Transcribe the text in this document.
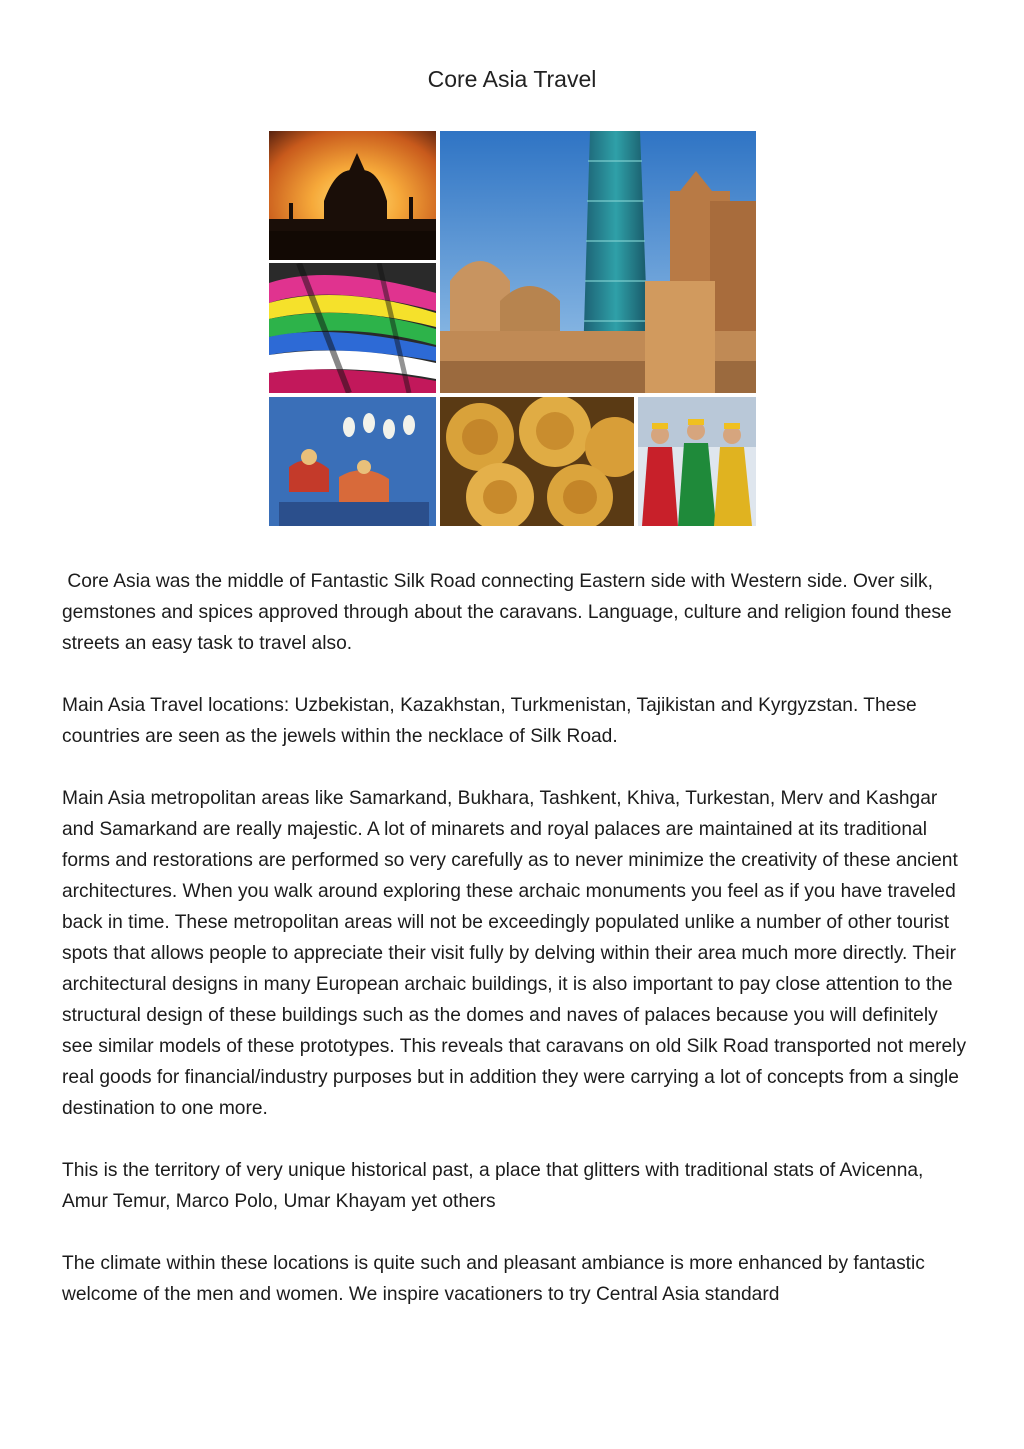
Core Asia Travel

Core Asia was the middle of Fantastic Silk Road connecting Eastern side with Western side. Over silk, gemstones and spices approved through about the caravans. Language, culture and religion found these streets an easy task to travel also.

Main Asia Travel locations: Uzbekistan, Kazakhstan, Turkmenistan, Tajikistan and Kyrgyzstan. These countries are seen as the jewels within the necklace of Silk Road.

Main Asia metropolitan areas like Samarkand, Bukhara, Tashkent, Khiva, Turkestan, Merv and Kashgar and Samarkand are really majestic. A lot of minarets and royal palaces are maintained at its traditional forms and restorations are performed so very carefully as to never minimize the creativity of these ancient architectures. When you walk around exploring these archaic monuments you feel as if you have traveled back in time. These metropolitan areas will not be exceedingly populated unlike a number of other tourist spots that allows people to appreciate their visit fully by delving within their area much more directly. Their architectural designs in many European archaic buildings, it is also important to pay close attention to the structural design of these buildings such as the domes and naves of palaces because you will definitely see similar models of these prototypes. This reveals that caravans on old Silk Road transported not merely real goods for financial/industry purposes but in addition they were carrying a lot of concepts from a single destination to one more.

This is the territory of very unique historical past, a place that glitters with traditional stats of Avicenna, Amur Temur, Marco Polo, Umar Khayam yet others

The climate within these locations is quite such and pleasant ambiance is more enhanced by fantastic welcome of the men and women. We inspire vacationers to try Central Asia standard
